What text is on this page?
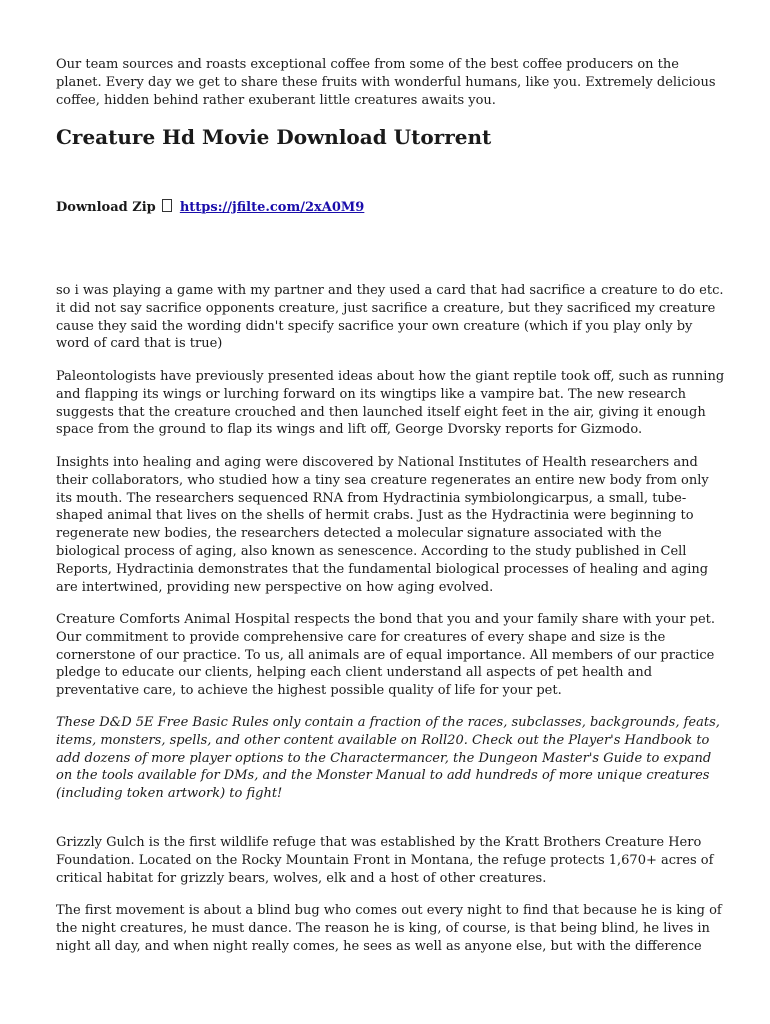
Our team sources and roasts exceptional coffee from some of the best coffee producers on the
planet. Every day we get to share these fruits with wonderful humans, like you. Extremely delicious
coffee, hidden behind rather exuberant little creatures awaits you.
Creature Hd Movie Download Utorrent
Download Zip https://jfilte.com/2xA0M9
so i was playing a game with my partner and they used a card that had sacrifice a creature to do etc.
it did not say sacrifice opponents creature, just sacrifice a creature, but they sacrificed my creature
cause they said the wording didn't specify sacrifice your own creature (which if you play only by
word of card that is true)
Paleontologists have previously presented ideas about how the giant reptile took off, such as running
and flapping its wings or lurching forward on its wingtips like a vampire bat. The new research
suggests that the creature crouched and then launched itself eight feet in the air, giving it enough
space from the ground to flap its wings and lift off, George Dvorsky reports for Gizmodo.
Insights into healing and aging were discovered by National Institutes of Health researchers and
their collaborators, who studied how a tiny sea creature regenerates an entire new body from only
its mouth. The researchers sequenced RNA from Hydractinia symbiolongicarpus, a small, tube-
shaped animal that lives on the shells of hermit crabs. Just as the Hydractinia were beginning to
regenerate new bodies, the researchers detected a molecular signature associated with the
biological process of aging, also known as senescence. According to the study published in Cell
Reports, Hydractinia demonstrates that the fundamental biological processes of healing and aging
are intertwined, providing new perspective on how aging evolved.
Creature Comforts Animal Hospital respects the bond that you and your family share with your pet.
Our commitment to provide comprehensive care for creatures of every shape and size is the
cornerstone of our practice. To us, all animals are of equal importance. All members of our practice
pledge to educate our clients, helping each client understand all aspects of pet health and
preventative care, to achieve the highest possible quality of life for your pet.
These D&D 5E Free Basic Rules only contain a fraction of the races, subclasses, backgrounds, feats,
items, monsters, spells, and other content available on Roll20. Check out the Player's Handbook to
add dozens of more player options to the Charactermancer, the Dungeon Master's Guide to expand
on the tools available for DMs, and the Monster Manual to add hundreds of more unique creatures
(including token artwork) to fight!
Grizzly Gulch is the first wildlife refuge that was established by the Kratt Brothers Creature Hero
Foundation. Located on the Rocky Mountain Front in Montana, the refuge protects 1,670+ acres of
critical habitat for grizzly bears, wolves, elk and a host of other creatures.
The first movement is about a blind bug who comes out every night to find that because he is king of
the night creatures, he must dance. The reason he is king, of course, is that being blind, he lives in
night all day, and when night really comes, he sees as well as anyone else, but with the difference
